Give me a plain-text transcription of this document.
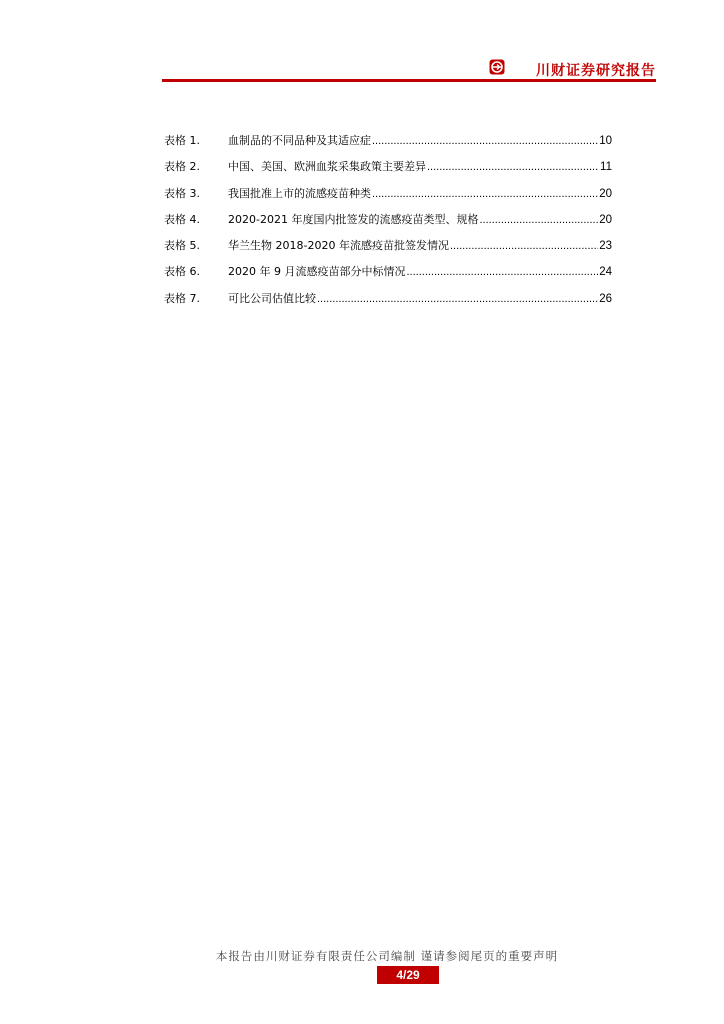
川财证券研究报告
表格 1.	血制品的不同品种及其适应症 .....	10
表格 2.	中国、美国、欧洲血浆采集政策主要差异 .....	11
表格 3.	我国批准上市的流感疫苗种类 .....	20
表格 4.	2020-2021 年度国内批签发的流感疫苗类型、规格 .....	20
表格 5.	华兰生物 2018-2020 年流感疫苗批签发情况 .....	23
表格 6.	2020 年 9 月流感疫苗部分中标情况 .....	24
表格 7.	可比公司估值比较 .....	26
本报告由川财证券有限责任公司编制 谨请参阅尾页的重要声明
4/29
